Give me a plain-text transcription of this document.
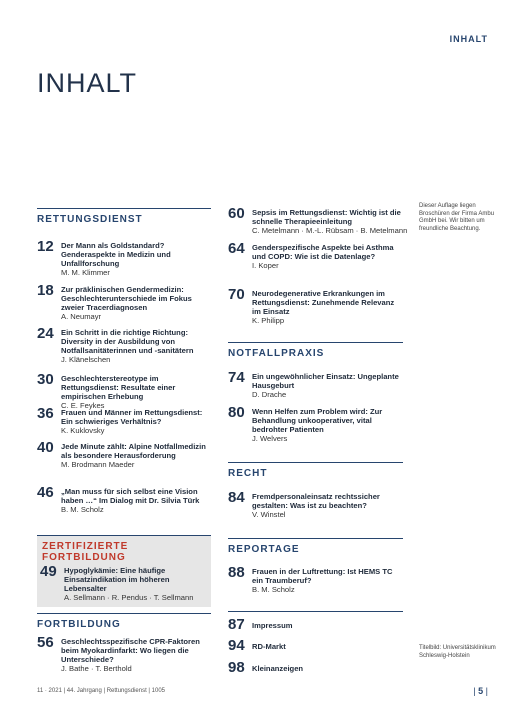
INHALT
INHALT
RETTUNGSDIENST
12 Der Mann als Goldstandard? Genderaspekte in Medizin und Unfallforschung
M. M. Klimmer
18 Zur präklinischen Gendermedizin: Geschlechterunterschiede im Fokus zweier Tracerdiagnosen
A. Neumayr
24 Ein Schritt in die richtige Richtung: Diversity in der Ausbildung von Notfallsanitäterinnen und -sanitätern
J. Klänelschen
30 Geschlechterstereotype im Rettungsdienst: Resultate einer empirischen Erhebung
C. E. Feykes
36 Frauen und Männer im Rettungsdienst: Ein schwieriges Verhältnis?
K. Kuklovsky
40 Jede Minute zählt: Alpine Notfallmedizin als besondere Herausforderung
M. Brodmann Maeder
46 „Man muss für sich selbst eine Vision haben …“ Im Dialog mit Dr. Silvia Türk
B. M. Scholz
ZERTIFIZIERTE FORTBILDUNG
49 Hypoglykämie: Eine häufige Einsatzindikation im höheren Lebensalter
A. Sellmann · R. Pendus · T. Sellmann
FORTBILDUNG
56 Geschlechtsspezifische CPR-Faktoren beim Myokardinfarkt: Wo liegen die Unterschiede?
J. Bathe · T. Berthold
60 Sepsis im Rettungsdienst: Wichtig ist die schnelle Therapieeinleitung
C. Metelmann · M.-L. Rübsam · B. Metelmann
64 Genderspezifische Aspekte bei Asthma und COPD: Wie ist die Datenlage?
I. Koper
70 Neurodegenerative Erkrankungen im Rettungsdienst: Zunehmende Relevanz im Einsatz
K. Philipp
NOTFALLPRAXIS
74 Ein ungewöhnlicher Einsatz: Ungeplante Hausgeburt
D. Drache
80 Wenn Helfen zum Problem wird: Zur Behandlung unkooperativer, vital bedrohter Patienten
J. Welvers
RECHT
84 Fremdpersonaleinsatz rechtssicher gestalten: Was ist zu beachten?
V. Winstel
REPORTAGE
88 Frauen in der Luftrettung: Ist HEMS TC ein Traumberuf?
B. M. Scholz
87 Impressum
94 RD-Markt
98 Kleinanzeigen
Dieser Auflage liegen Broschüren der Firma Ambu GmbH bei. Wir bitten um freundliche Beachtung.
Titelbild: Universitätsklinikum Schleswig-Holstein
11 · 2021 | 44. Jahrgang | Rettungsdienst | 1005	| 5 |
